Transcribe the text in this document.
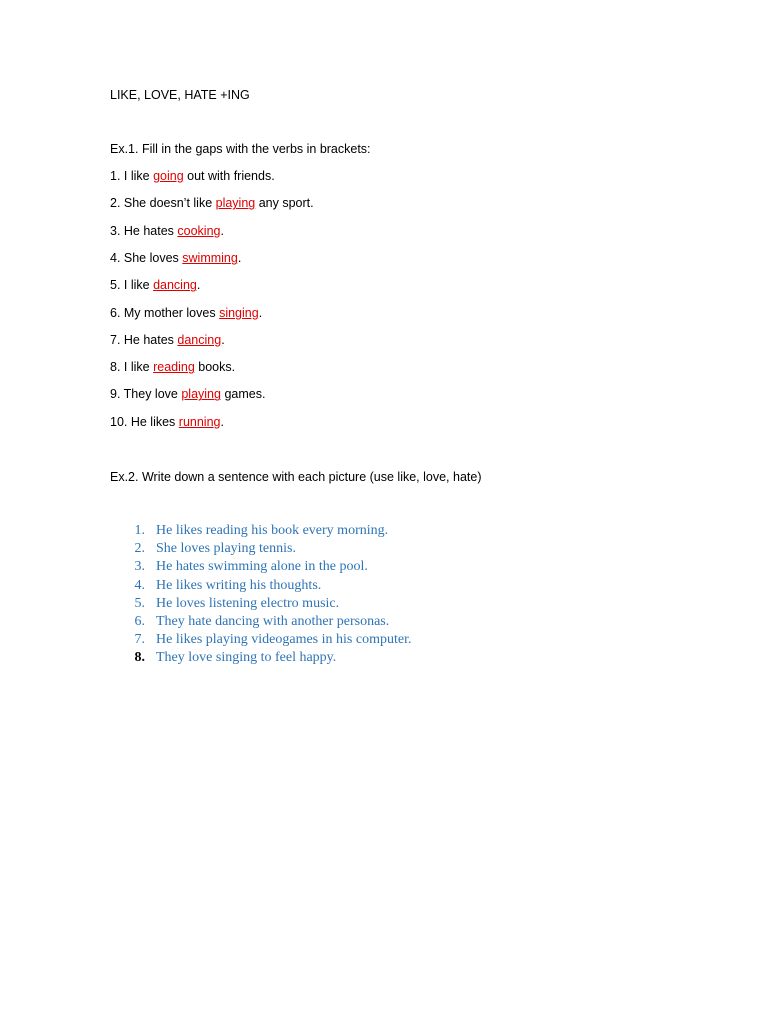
LIKE, LOVE, HATE +ING
Ex.1. Fill in the gaps with the verbs in brackets:
1. I like going out with friends.
2. She doesn’t like playing any sport.
3. He hates cooking.
4. She loves swimming.
5. I like dancing.
6. My mother loves singing.
7. He hates dancing.
8. I like reading books.
9. They love playing games.
10. He likes running.
Ex.2. Write down a sentence with each picture (use like, love, hate)
1. He likes reading his book every morning.
2. She loves playing tennis.
3. He hates swimming alone in the pool.
4. He likes writing his thoughts.
5. He loves listening electro music.
6. They hate dancing with another personas.
7. He likes playing videogames in his computer.
8. They love singing to feel happy.
